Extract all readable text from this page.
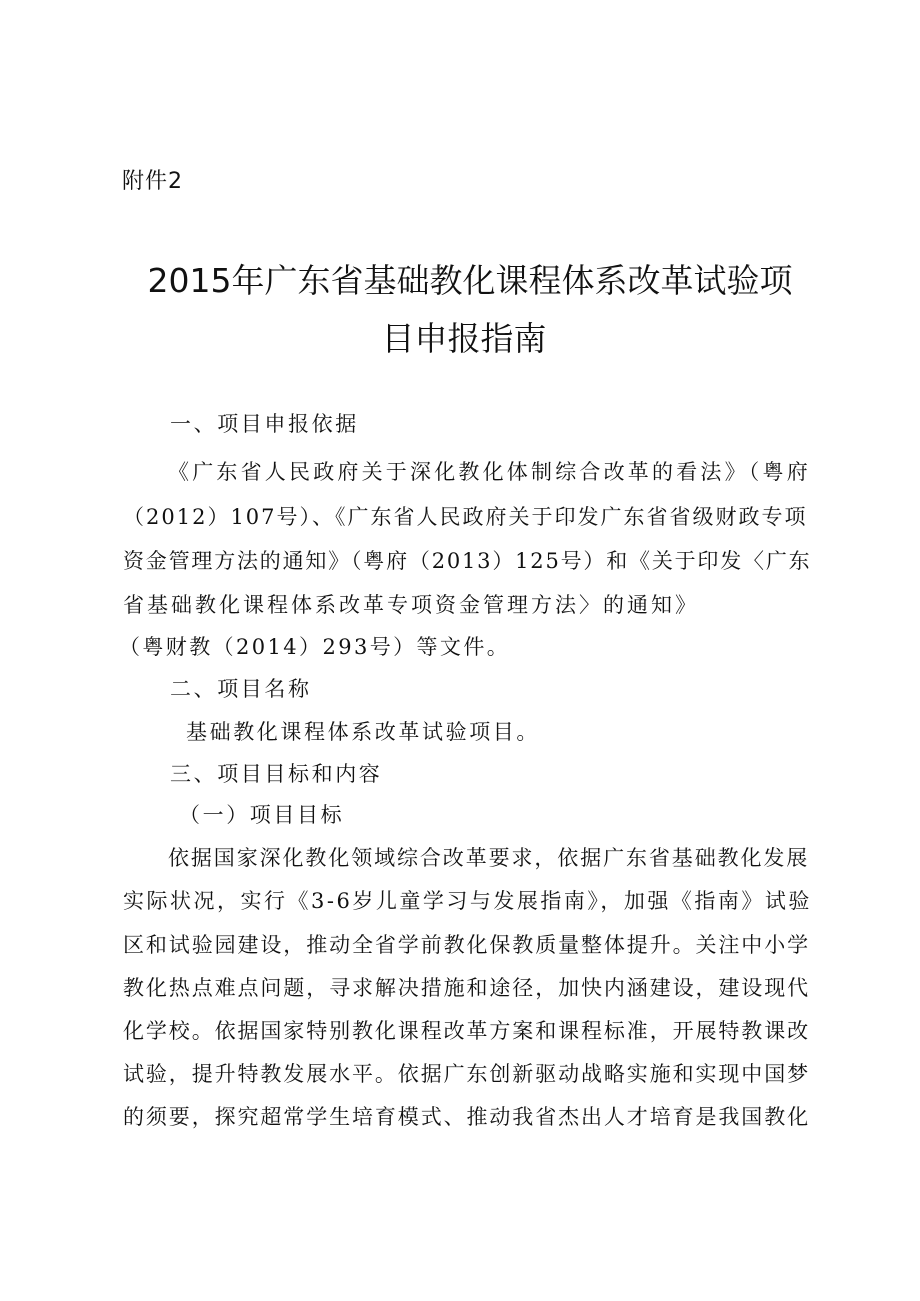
附件2
2015年广东省基础教化课程体系改革试验项
目申报指南
一、项目申报依据
《广东省人民政府关于深化教化体制综合改革的看法》（粤府
（2012）107号）、《广东省人民政府关于印发广东省省级财政专项
资金管理方法的通知》（粤府（2013）125号）和《关于印发〈广东
省基础教化课程体系改革专项资金管理方法〉的通知》
（粤财教（2014）293号）等文件。
二、项目名称
基础教化课程体系改革试验项目。
三、项目目标和内容
（一）项目目标
依据国家深化教化领域综合改革要求，依据广东省基础教化发展
实际状况，实行《3-6岁儿童学习与发展指南》，加强《指南》试验
区和试验园建设，推动全省学前教化保教质量整体提升。关注中小学
教化热点难点问题，寻求解决措施和途径，加快内涵建设，建设现代
化学校。依据国家特别教化课程改革方案和课程标准，开展特教课改
试验，提升特教发展水平。依据广东创新驱动战略实施和实现中国梦
的须要，探究超常学生培育模式、推动我省杰出人才培育是我国教化
